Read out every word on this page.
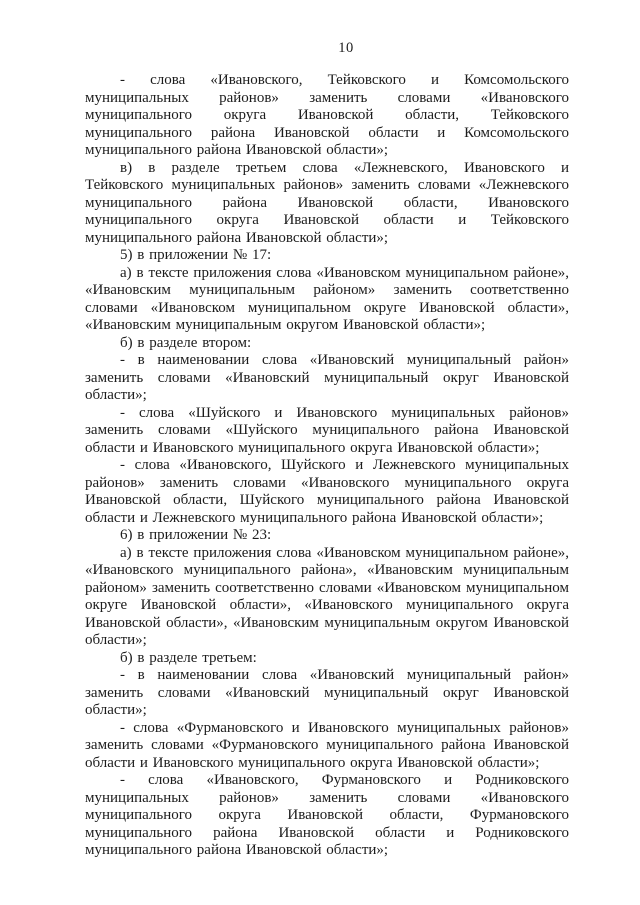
10

- слова «Ивановского, Тейковского и Комсомольского муниципальных районов» заменить словами «Ивановского муниципального округа Ивановской области, Тейковского муниципального района Ивановской области и Комсомольского муниципального района Ивановской области»;

в) в разделе третьем слова «Лежневского, Ивановского и Тейковского муниципальных районов» заменить словами «Лежневского муниципального района Ивановской области, Ивановского муниципального округа Ивановской области и Тейковского муниципального района Ивановской области»;

5) в приложении № 17:

а) в тексте приложения слова «Ивановском муниципальном районе», «Ивановским муниципальным районом» заменить соответственно словами «Ивановском муниципальном округе Ивановской области», «Ивановским муниципальным округом Ивановской области»;

б) в разделе втором:

- в наименовании слова «Ивановский муниципальный район» заменить словами «Ивановский муниципальный округ Ивановской области»;

- слова «Шуйского и Ивановского муниципальных районов» заменить словами «Шуйского муниципального района Ивановской области и Ивановского муниципального округа Ивановской области»;

- слова «Ивановского, Шуйского и Лежневского муниципальных районов» заменить словами «Ивановского муниципального округа Ивановской области, Шуйского муниципального района Ивановской области и Лежневского муниципального района Ивановской области»;

6) в приложении № 23:

а) в тексте приложения слова «Ивановском муниципальном районе», «Ивановского муниципального района», «Ивановским муниципальным районом» заменить соответственно словами «Ивановском муниципальном округе Ивановской области», «Ивановского муниципального округа Ивановской области», «Ивановским муниципальным округом Ивановской области»;

б) в разделе третьем:

- в наименовании слова «Ивановский муниципальный район» заменить словами «Ивановский муниципальный округ Ивановской области»;

- слова «Фурмановского и Ивановского муниципальных районов» заменить словами «Фурмановского муниципального района Ивановской области и Ивановского муниципального округа Ивановской области»;

- слова «Ивановского, Фурмановского и Родниковского муниципальных районов» заменить словами «Ивановского муниципального округа Ивановской области, Фурмановского муниципального района Ивановской области и Родниковского муниципального района Ивановской области»;
